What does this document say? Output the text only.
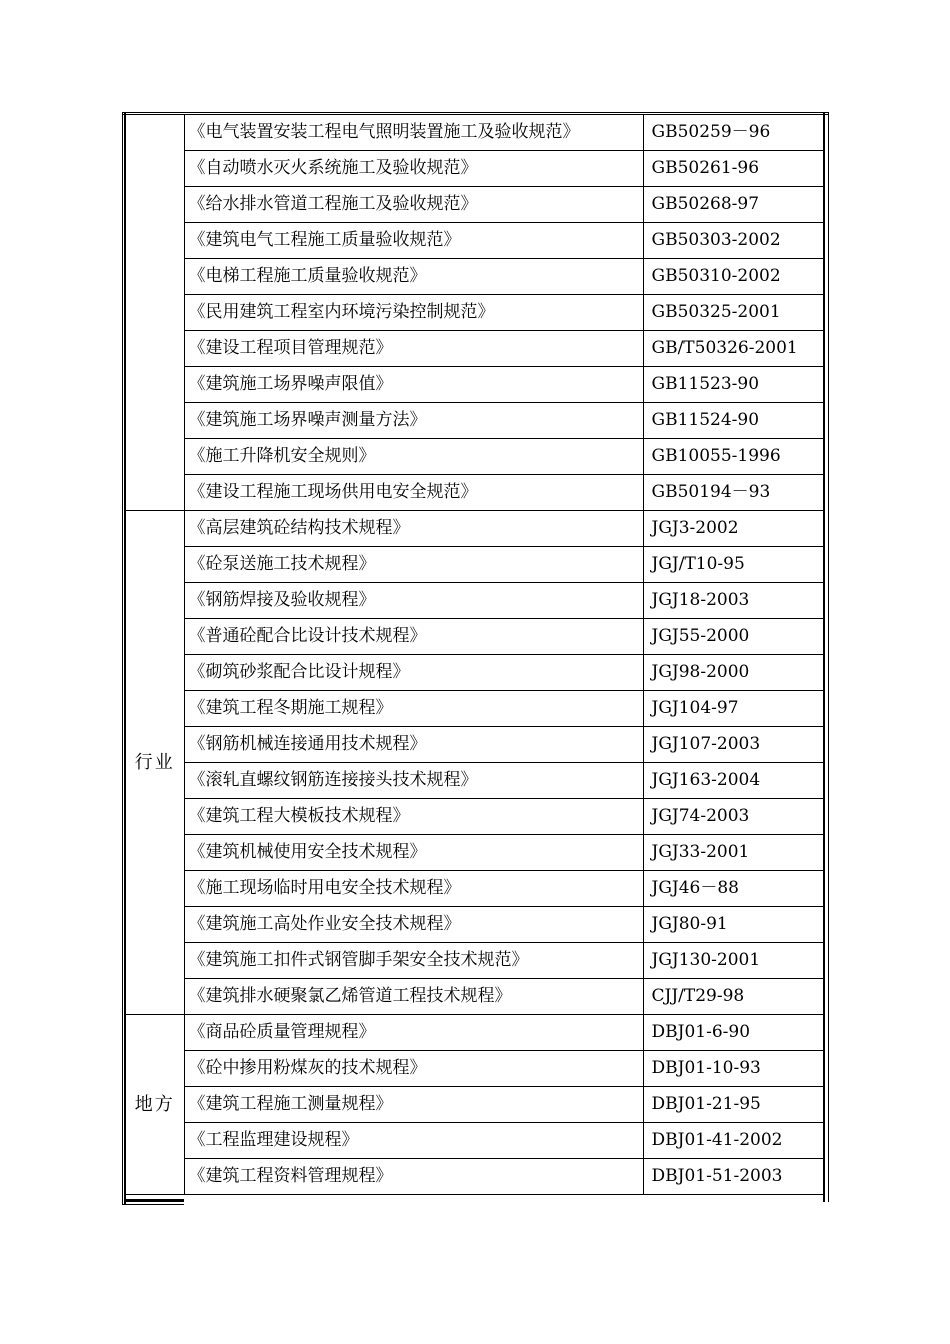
	《电气装置安装工程电气照明装置施工及验收规范》	GB50259－96
	《自动喷水灭火系统施工及验收规范》	GB50261-96
	《给水排水管道工程施工及验收规范》	GB50268-97
	《建筑电气工程施工质量验收规范》	GB50303-2002
	《电梯工程施工质量验收规范》	GB50310-2002
	《民用建筑工程室内环境污染控制规范》	GB50325-2001
	《建设工程项目管理规范》	GB/T50326-2001
	《建筑施工场界噪声限值》	GB11523-90
	《建筑施工场界噪声测量方法》	GB11524-90
	《施工升降机安全规则》	GB10055-1996
	《建设工程施工现场供用电安全规范》	GB50194－93
行业	《高层建筑砼结构技术规程》	JGJ3-2002
	《砼泵送施工技术规程》	JGJ/T10-95
	《钢筋焊接及验收规程》	JGJ18-2003
	《普通砼配合比设计技术规程》	JGJ55-2000
	《砌筑砂浆配合比设计规程》	JGJ98-2000
	《建筑工程冬期施工规程》	JGJ104-97
	《钢筋机械连接通用技术规程》	JGJ107-2003
	《滚轧直螺纹钢筋连接接头技术规程》	JGJ163-2004
	《建筑工程大模板技术规程》	JGJ74-2003
	《建筑机械使用安全技术规程》	JGJ33-2001
	《施工现场临时用电安全技术规程》	JGJ46－88
	《建筑施工高处作业安全技术规程》	JGJ80-91
	《建筑施工扣件式钢管脚手架安全技术规范》	JGJ130-2001
	《建筑排水硬聚氯乙烯管道工程技术规程》	CJJ/T29-98
地方	《商品砼质量管理规程》	DBJ01-6-90
	《砼中掺用粉煤灰的技术规程》	DBJ01-10-93
	《建筑工程施工测量规程》	DBJ01-21-95
	《工程监理建设规程》	DBJ01-41-2002
	《建筑工程资料管理规程》	DBJ01-51-2003
